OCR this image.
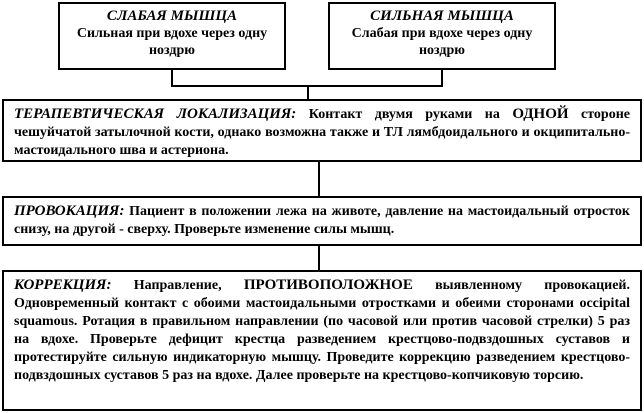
СЛАБАЯ МЫШЦА
Сильная при вдохе через одну
ноздрю
СИЛЬНАЯ МЫШЦА
Слабая при вдохе через одну
ноздрю
ТЕРАПЕВТИЧЕСКАЯ ЛОКАЛИЗАЦИЯ: Контакт двумя руками на ОДНОЙ стороне чешуйчатой затылочной кости, однако возможна также и ТЛ лямбдоидального и окципитально-мастоидального шва и астериона.
ПРОВОКАЦИЯ: Пациент в положении лежа на животе, давление на мастоидальный отросток снизу, на другой - сверху. Проверьте изменение силы мышц.
КОРРЕКЦИЯ: Направление, ПРОТИВОПОЛОЖНОЕ выявленному провокацией. Одновременный контакт с обоими мастоидальными отростками и обеими сторонами occipital squamous. Ротация в правильном направлении (по часовой или против часовой стрелки) 5 раз на вдохе. Проверьте дефицит крестца разведением крестцово-подвздошных суставов и протестируйте сильную индикаторную мышцу. Проведите коррекцию разведением крестцово-подвздошных суставов 5 раз на вдохе. Далее проверьте на крестцово-копчиковую торсию.
